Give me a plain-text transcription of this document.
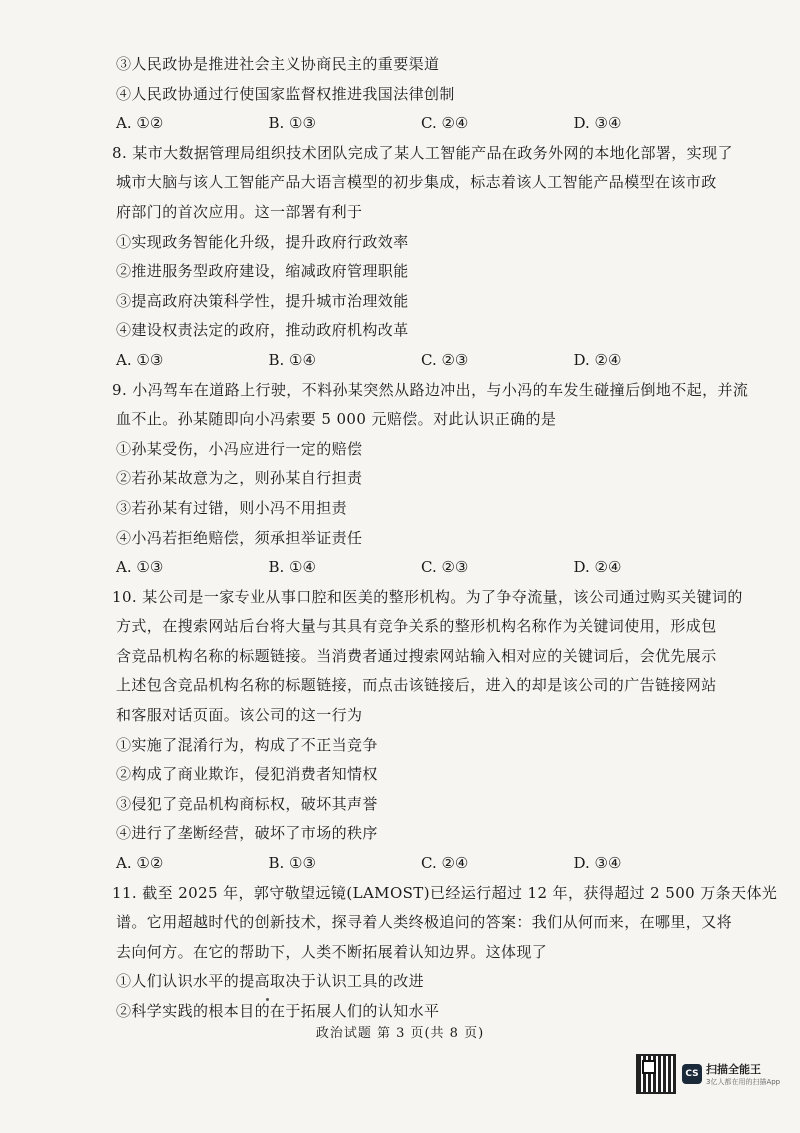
③人民政协是推进社会主义协商民主的重要渠道
④人民政协通过行使国家监督权推进我国法律创制
A. ①②	B. ①③	C. ②④	D. ③④
8. 某市大数据管理局组织技术团队完成了某人工智能产品在政务外网的本地化部署，实现了
城市大脑与该人工智能产品大语言模型的初步集成，标志着该人工智能产品模型在该市政
府部门的首次应用。这一部署有利于
①实现政务智能化升级，提升政府行政效率
②推进服务型政府建设，缩减政府管理职能
③提高政府决策科学性，提升城市治理效能
④建设权责法定的政府，推动政府机构改革
A. ①③	B. ①④	C. ②③	D. ②④
9. 小冯驾车在道路上行驶，不料孙某突然从路边冲出，与小冯的车发生碰撞后倒地不起，并流
血不止。孙某随即向小冯索要 5 000 元赔偿。对此认识正确的是
①孙某受伤，小冯应进行一定的赔偿
②若孙某故意为之，则孙某自行担责
③若孙某有过错，则小冯不用担责
④小冯若拒绝赔偿，须承担举证责任
A. ①③	B. ①④	C. ②③	D. ②④
10. 某公司是一家专业从事口腔和医美的整形机构。为了争夺流量，该公司通过购买关键词的
方式，在搜索网站后台将大量与其具有竞争关系的整形机构名称作为关键词使用，形成包
含竞品机构名称的标题链接。当消费者通过搜索网站输入相对应的关键词后，会优先展示
上述包含竞品机构名称的标题链接，而点击该链接后，进入的却是该公司的广告链接网站
和客服对话页面。该公司的这一行为
①实施了混淆行为，构成了不正当竞争
②构成了商业欺诈，侵犯消费者知情权
③侵犯了竞品机构商标权，破坏其声誉
④进行了垄断经营，破坏了市场的秩序
A. ①②	B. ①③	C. ②④	D. ③④
11. 截至 2025 年，郭守敬望远镜(LAMOST)已经运行超过 12 年，获得超过 2 500 万条天体光
谱。它用超越时代的创新技术，探寻着人类终极追问的答案：我们从何而来，在哪里，又将
去向何方。在它的帮助下，人类不断拓展着认知边界。这体现了
①人们认识水平的提高取决于认识工具的改进
②科学实践的根本目的在于拓展人们的认知水平
政治试题 第 3 页(共 8 页)
CS 扫描全能王
3亿人都在用的扫描App
